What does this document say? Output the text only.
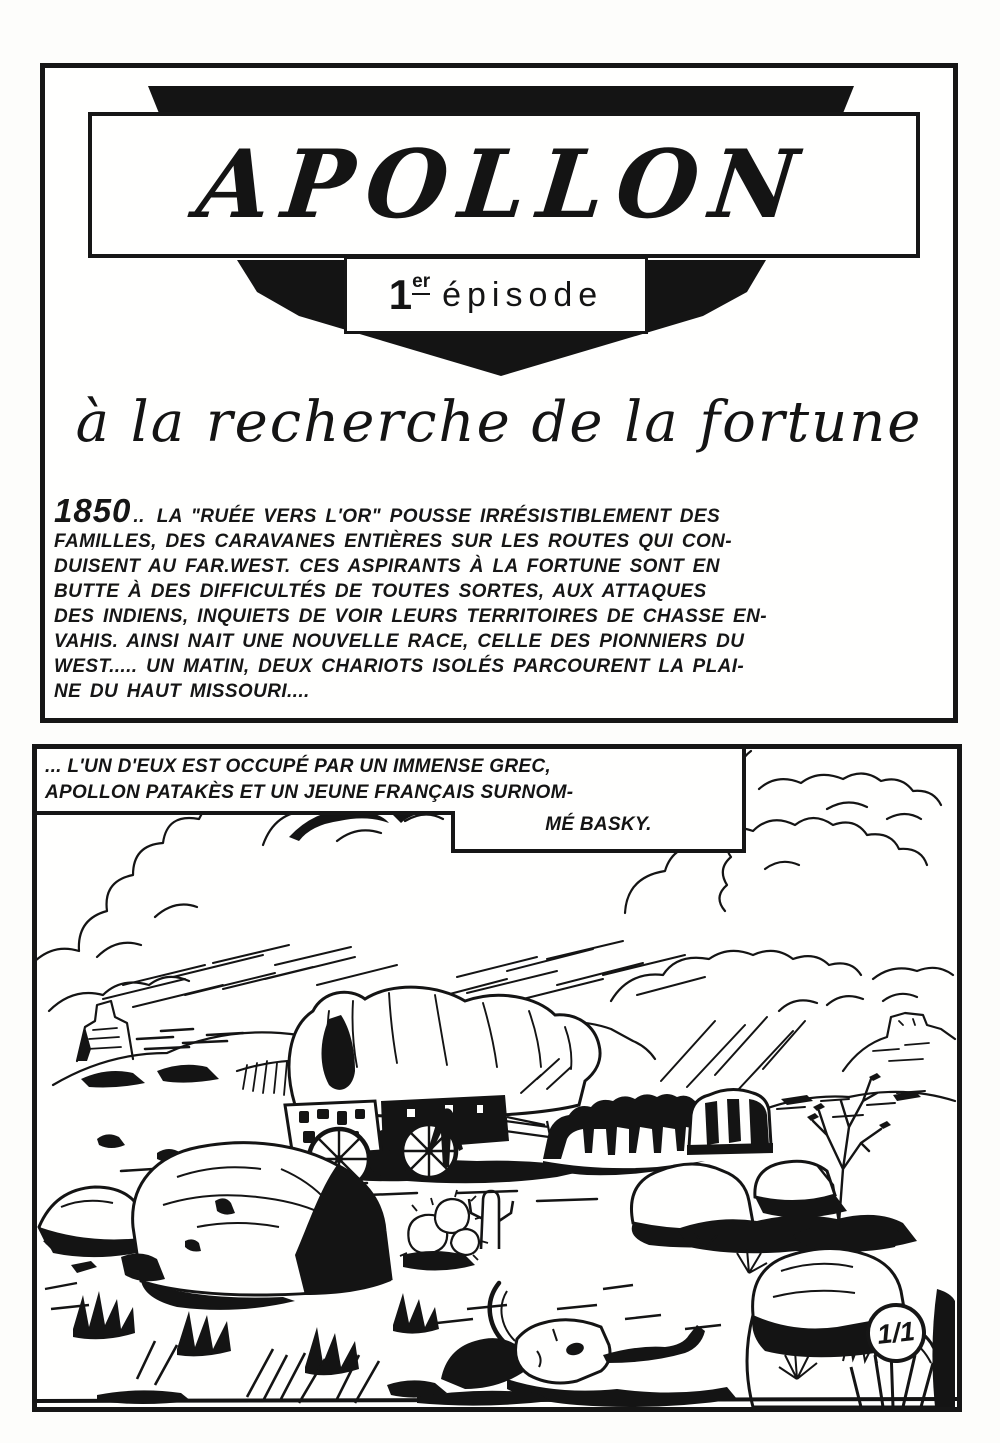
APOLLON
1 er épisode
à la recherche de la fortune
1850 .. LA "RUÉE VERS L'OR" POUSSE IRRÉSISTIBLEMENT DES
FAMILLES, DES CARAVANES ENTIÈRES SUR LES ROUTES QUI CON-
DUISENT AU FAR.WEST. CES ASPIRANTS À LA FORTUNE SONT EN
BUTTE À DES DIFFICULTÉS DE TOUTES SORTES, AUX ATTAQUES
DES INDIENS, INQUIETS DE VOIR LEURS TERRITOIRES DE CHASSE EN-
VAHIS. AINSI NAIT UNE NOUVELLE RACE, CELLE DES PIONNIERS DU
WEST..... UN MATIN, DEUX CHARIOTS ISOLÉS PARCOURENT LA PLAI-
NE DU HAUT MISSOURI....
... L'UN D'EUX EST OCCUPÉ PAR UN IMMENSE GREC,
APOLLON PATAKÈS ET UN JEUNE FRANÇAIS SURNOM-
MÉ BASKY.
1/1
